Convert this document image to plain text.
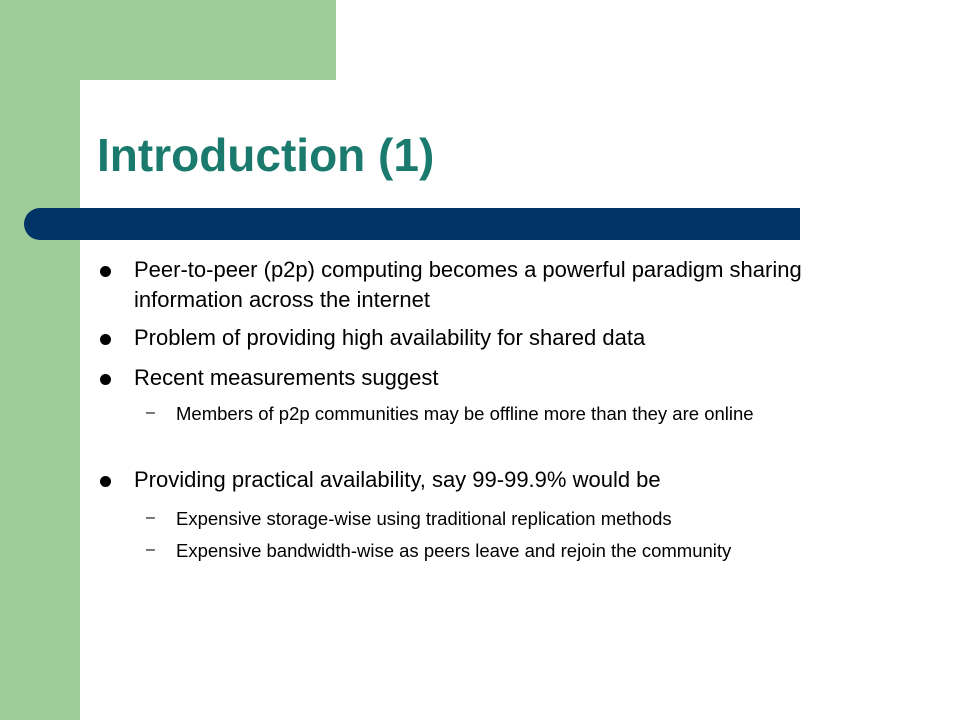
Introduction (1)
Peer-to-peer (p2p) computing becomes a powerful paradigm sharing information across the internet
Problem of providing high availability for shared data
Recent measurements suggest
– Members of p2p communities may be offline more than they are online
Providing practical availability, say 99-99.9% would be
– Expensive storage-wise using traditional replication methods
– Expensive bandwidth-wise as peers leave and rejoin the community
